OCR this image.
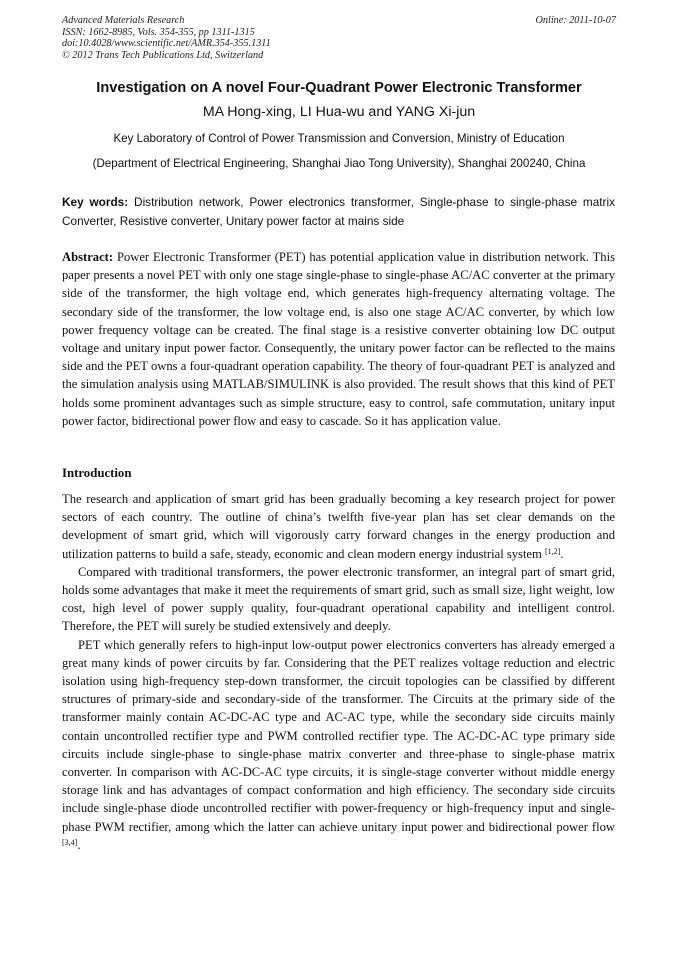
Advanced Materials Research
ISSN: 1662-8985, Vols. 354-355, pp 1311-1315
doi:10.4028/www.scientific.net/AMR.354-355.1311
© 2012 Trans Tech Publications Ltd, Switzerland
Online: 2011-10-07
Investigation on A novel Four-Quadrant Power Electronic Transformer
MA Hong-xing, LI Hua-wu and YANG Xi-jun
Key Laboratory of Control of Power Transmission and Conversion, Ministry of Education
(Department of Electrical Engineering, Shanghai Jiao Tong University), Shanghai 200240, China
Key words: Distribution network, Power electronics transformer, Single-phase to single-phase matrix Converter, Resistive converter, Unitary power factor at mains side
Abstract: Power Electronic Transformer (PET) has potential application value in distribution network. This paper presents a novel PET with only one stage single-phase to single-phase AC/AC converter at the primary side of the transformer, the high voltage end, which generates high-frequency alternating voltage. The secondary side of the transformer, the low voltage end, is also one stage AC/AC converter, by which low power frequency voltage can be created. The final stage is a resistive converter obtaining low DC output voltage and unitary input power factor. Consequently, the unitary power factor can be reflected to the mains side and the PET owns a four-quadrant operation capability. The theory of four-quadrant PET is analyzed and the simulation analysis using MATLAB/SIMULINK is also provided. The result shows that this kind of PET holds some prominent advantages such as simple structure, easy to control, safe commutation, unitary input power factor, bidirectional power flow and easy to cascade. So it has application value.
Introduction

The research and application of smart grid has been gradually becoming a key research project for power sectors of each country. The outline of china’s twelfth five-year plan has set clear demands on the development of smart grid, which will vigorously carry forward changes in the energy production and utilization patterns to build a safe, steady, economic and clean modern energy industrial system [1,2].

Compared with traditional transformers, the power electronic transformer, an integral part of smart grid, holds some advantages that make it meet the requirements of smart grid, such as small size, light weight, low cost, high level of power supply quality, four-quadrant operational capability and intelligent control. Therefore, the PET will surely be studied extensively and deeply.

PET which generally refers to high-input low-output power electronics converters has already emerged a great many kinds of power circuits by far. Considering that the PET realizes voltage reduction and electric isolation using high-frequency step-down transformer, the circuit topologies can be classified by different structures of primary-side and secondary-side of the transformer. The Circuits at the primary side of the transformer mainly contain AC-DC-AC type and AC-AC type, while the secondary side circuits mainly contain uncontrolled rectifier type and PWM controlled rectifier type. The AC-DC-AC type primary side circuits include single-phase to single-phase matrix converter and three-phase to single-phase matrix converter. In comparison with AC-DC-AC type circuits, it is single-stage converter without middle energy storage link and has advantages of compact conformation and high efficiency. The secondary side circuits include single-phase diode uncontrolled rectifier with power-frequency or high-frequency input and single-phase PWM rectifier, among which the latter can achieve unitary input power and bidirectional power flow [3,4].
